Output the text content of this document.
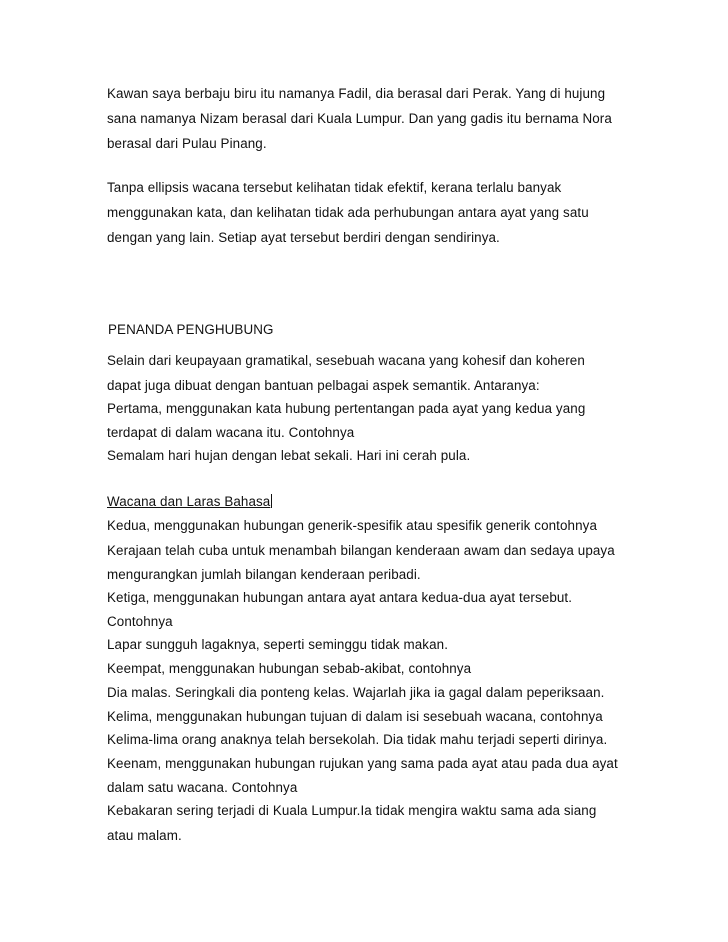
Kawan saya berbaju biru itu namanya Fadil, dia berasal dari Perak. Yang di hujung
sana namanya Nizam berasal dari Kuala Lumpur. Dan yang gadis itu bernama Nora
berasal dari Pulau Pinang.
Tanpa ellipsis wacana tersebut kelihatan tidak efektif, kerana terlalu banyak
menggunakan kata, dan kelihatan tidak ada perhubungan antara ayat yang satu
dengan yang lain. Setiap ayat tersebut berdiri dengan sendirinya.
PENANDA PENGHUBUNG
Selain dari keupayaan gramatikal, sesebuah wacana yang kohesif dan koheren
dapat juga dibuat dengan bantuan pelbagai aspek semantik. Antaranya:
Pertama, menggunakan kata hubung pertentangan pada ayat yang kedua yang
terdapat di dalam wacana itu. Contohnya
Semalam hari hujan dengan lebat sekali. Hari ini cerah pula.
Wacana dan Laras Bahasa
Kedua, menggunakan hubungan generik-spesifik atau spesifik generik contohnya
Kerajaan telah cuba untuk menambah bilangan kenderaan awam dan sedaya upaya
mengurangkan jumlah bilangan kenderaan peribadi.
Ketiga, menggunakan hubungan antara ayat antara kedua-dua ayat tersebut.
Contohnya
Lapar sungguh lagaknya, seperti seminggu tidak makan.
Keempat, menggunakan hubungan sebab-akibat, contohnya
Dia malas. Seringkali dia ponteng kelas. Wajarlah jika ia gagal dalam peperiksaan.
Kelima, menggunakan hubungan tujuan di dalam isi sesebuah wacana, contohnya
Kelima-lima orang anaknya telah bersekolah. Dia tidak mahu terjadi seperti dirinya.
Keenam, menggunakan hubungan rujukan yang sama pada ayat atau pada dua ayat
dalam satu wacana. Contohnya
Kebakaran sering terjadi di Kuala Lumpur.Ia tidak mengira waktu sama ada siang
atau malam.
